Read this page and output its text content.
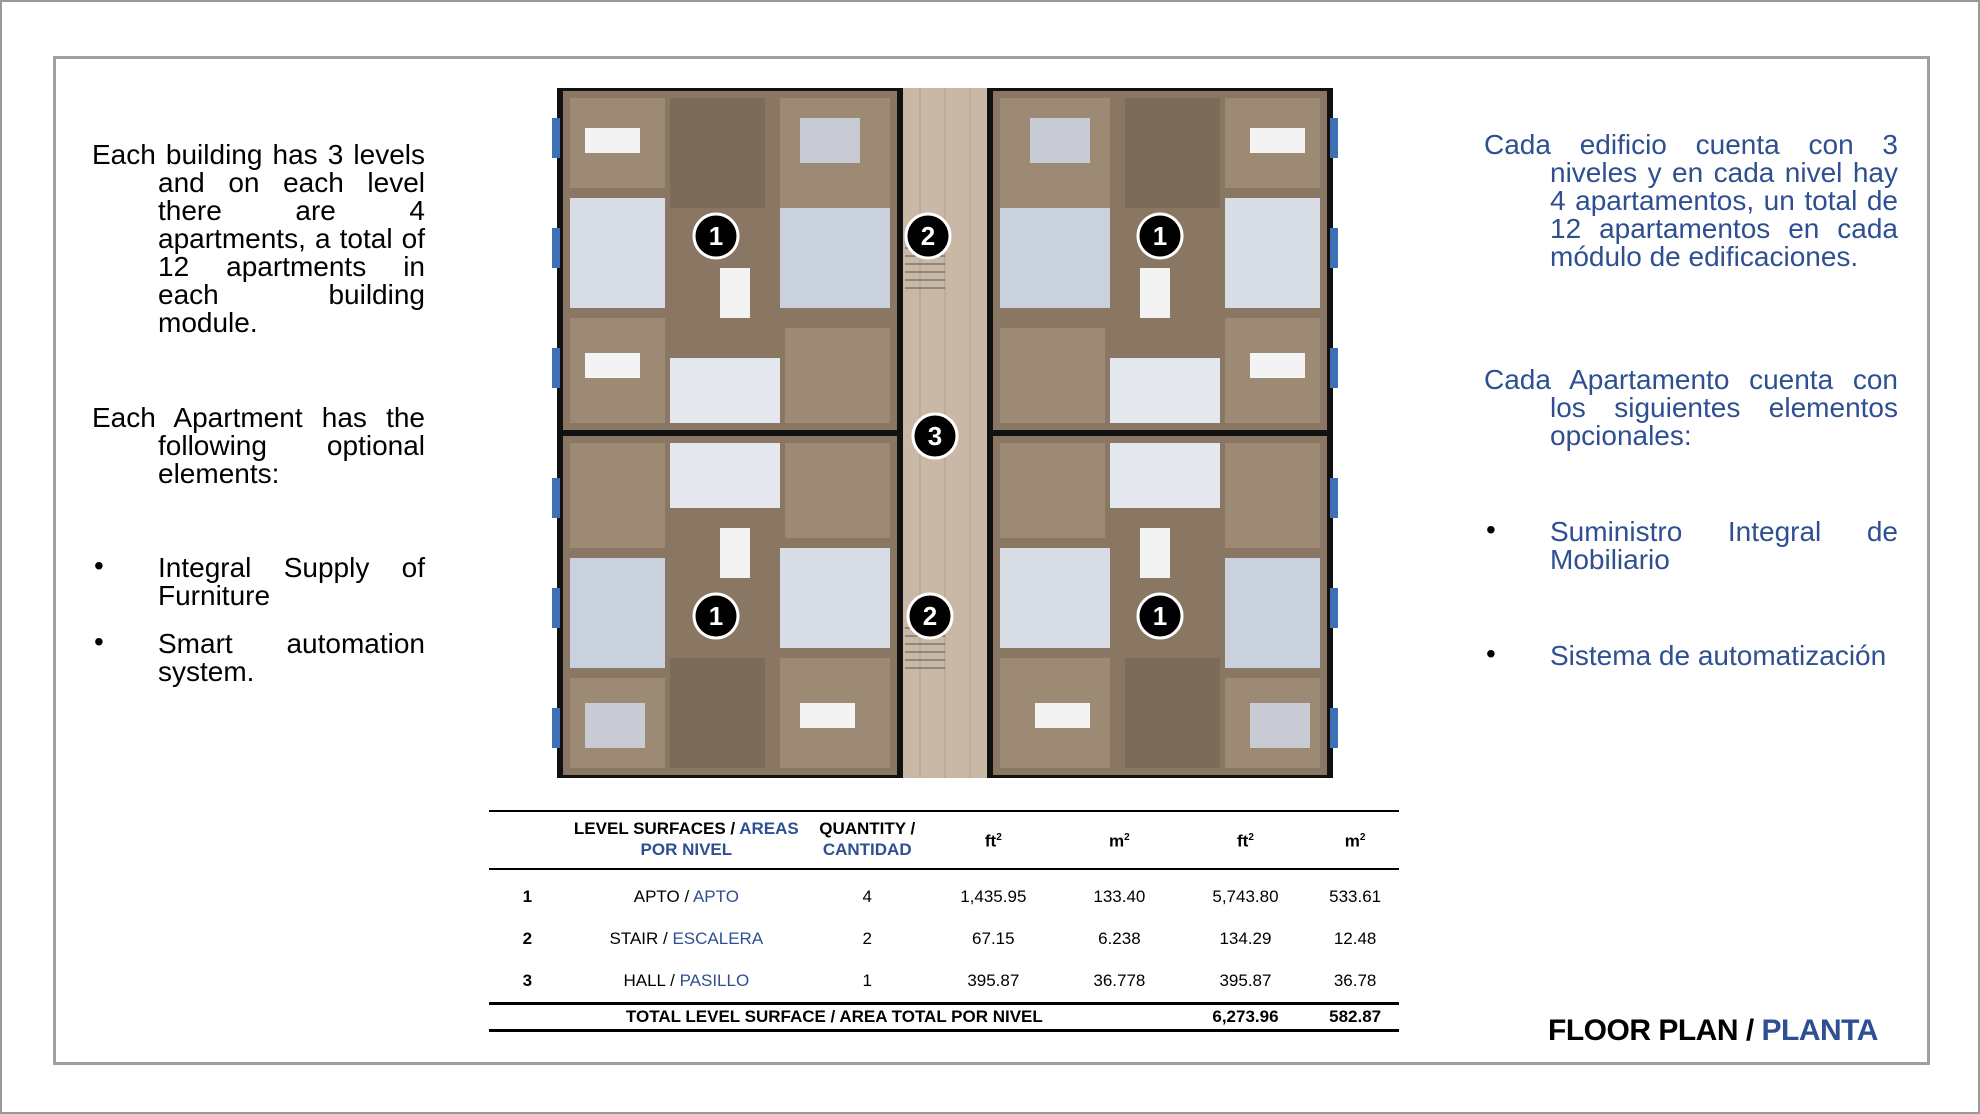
Each building has 3 levels and on each level there are 4 apartments, a total of 12 apartments in each building module.

Each Apartment has the following optional elements:

• Integral Supply of Furniture
• Smart automation system.

Cada edificio cuenta con 3 niveles y en cada nivel hay 4 apartamentos, un total de 12 apartamentos en cada módulo de edificaciones.

Cada Apartamento cuenta con los siguientes elementos opcionales:

• Suministro Integral de Mobiliario
• Sistema de automatización
1	2	1
3
1	2	1
	LEVEL SURFACES / AREAS POR NIVEL	QUANTITY /
CANTIDAD	$ft^2$	$m^2$	$ft^2$	$m^2$
1	APTO / APTO	4	1,435.95	133.40	5,743.80	533.61
2	STAIR / ESCALERA	2	67.15	6.238	134.29	12.48
3	HALL / PASILLO	1	395.87	36.778	395.87	36.78
TOTAL LEVEL SURFACE / AREA TOTAL POR NIVEL					6,273.96	582.87	FLOOR PLAN / PLANTA
